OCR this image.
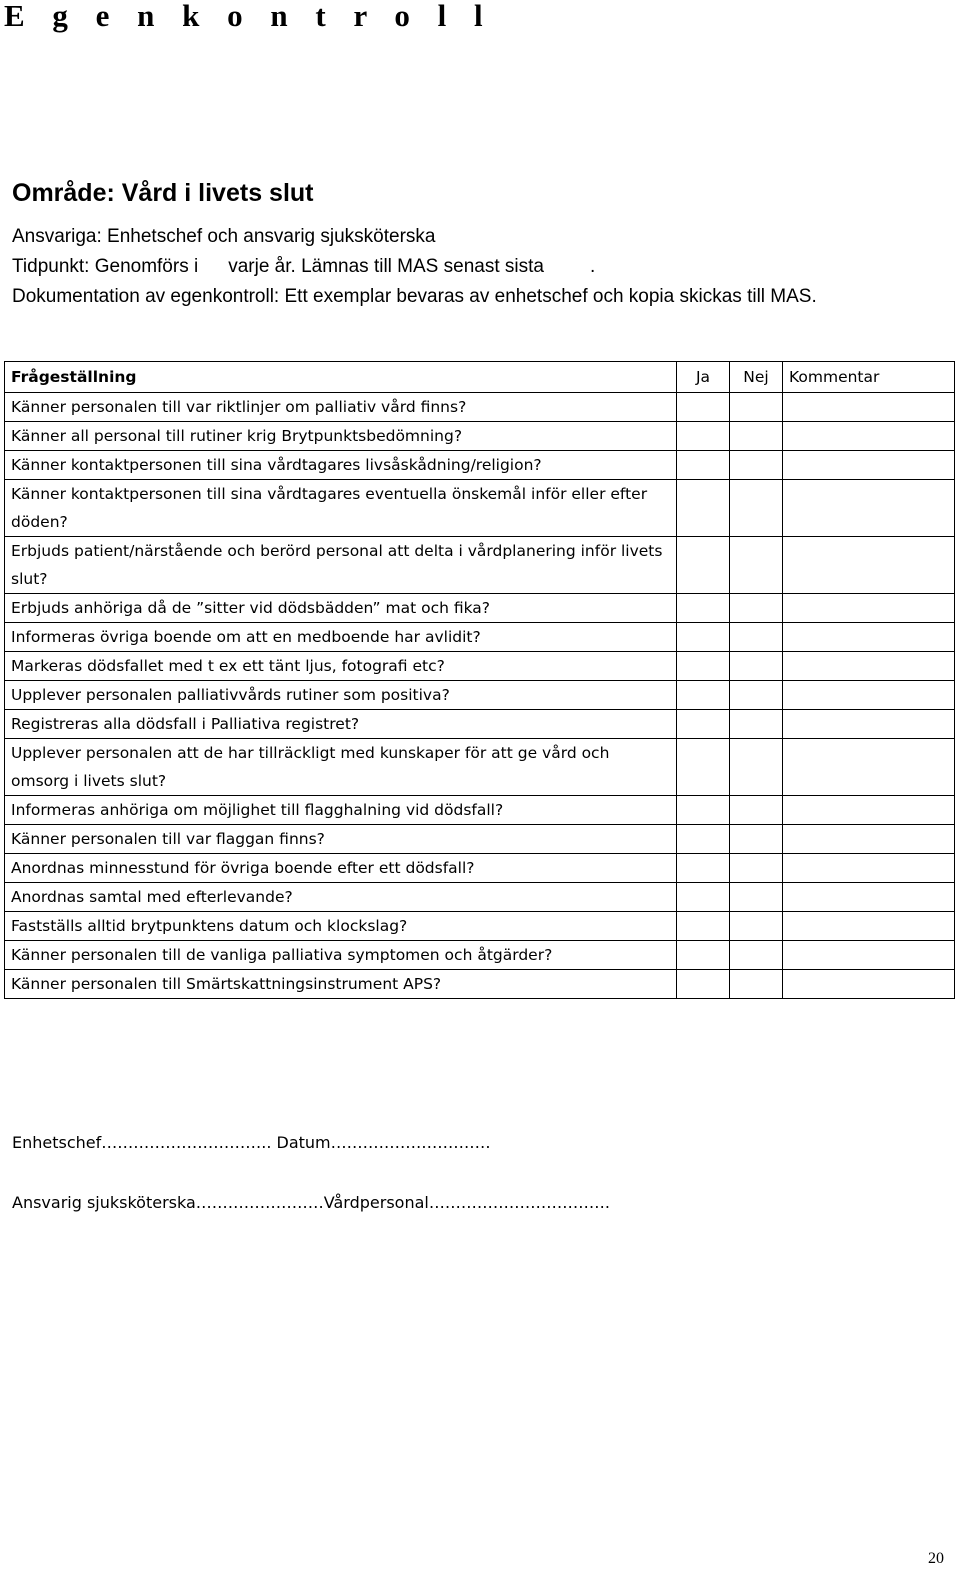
E g e n k o n t r o l l
Område: Vård i livets slut

Ansvariga: Enhetschef och ansvarig sjuksköterska

Tidpunkt: Genomförs i varje år. Lämnas till MAS senast sista .

Dokumentation av egenkontroll: Ett exemplar bevaras av enhetschef och kopia skickas till MAS.

Frågeställning	Ja	Nej	Kommentar
Känner personalen till var riktlinjer om palliativ vård finns?			
Känner all personal till rutiner krig Brytpunktsbedömning?			
Känner kontaktpersonen till sina vårdtagares livsåskådning/religion?			
Känner kontaktpersonen till sina vårdtagares eventuella önskemål inför eller efter döden?			
Erbjuds patient/närstående och berörd personal att delta i vårdplanering inför livets slut?			
Erbjuds anhöriga då de ”sitter vid dödsbädden” mat och fika?			
Informeras övriga boende om att en medboende har avlidit?			
Markeras dödsfallet med t ex ett tänt ljus, fotografi etc?			
Upplever personalen palliativvårds rutiner som positiva?			
Registreras alla dödsfall i Palliativa registret?			
Upplever personalen att de har tillräckligt med kunskaper för att ge vård och omsorg i livets slut?			
Informeras anhöriga om möjlighet till flagghalning vid dödsfall?			
Känner personalen till var flaggan finns?			
Anordnas minnesstund för övriga boende efter ett dödsfall?			
Anordnas samtal med efterlevande?			
Fastställs alltid brytpunktens datum och klockslag?			
Känner personalen till de vanliga palliativa symptomen och åtgärder?			
Känner personalen till Smärtskattningsinstrument APS?			
Enhetschef………………………….. Datum…………………………
Ansvarig sjuksköterska……………………Vårdpersonal…………………………….
20
